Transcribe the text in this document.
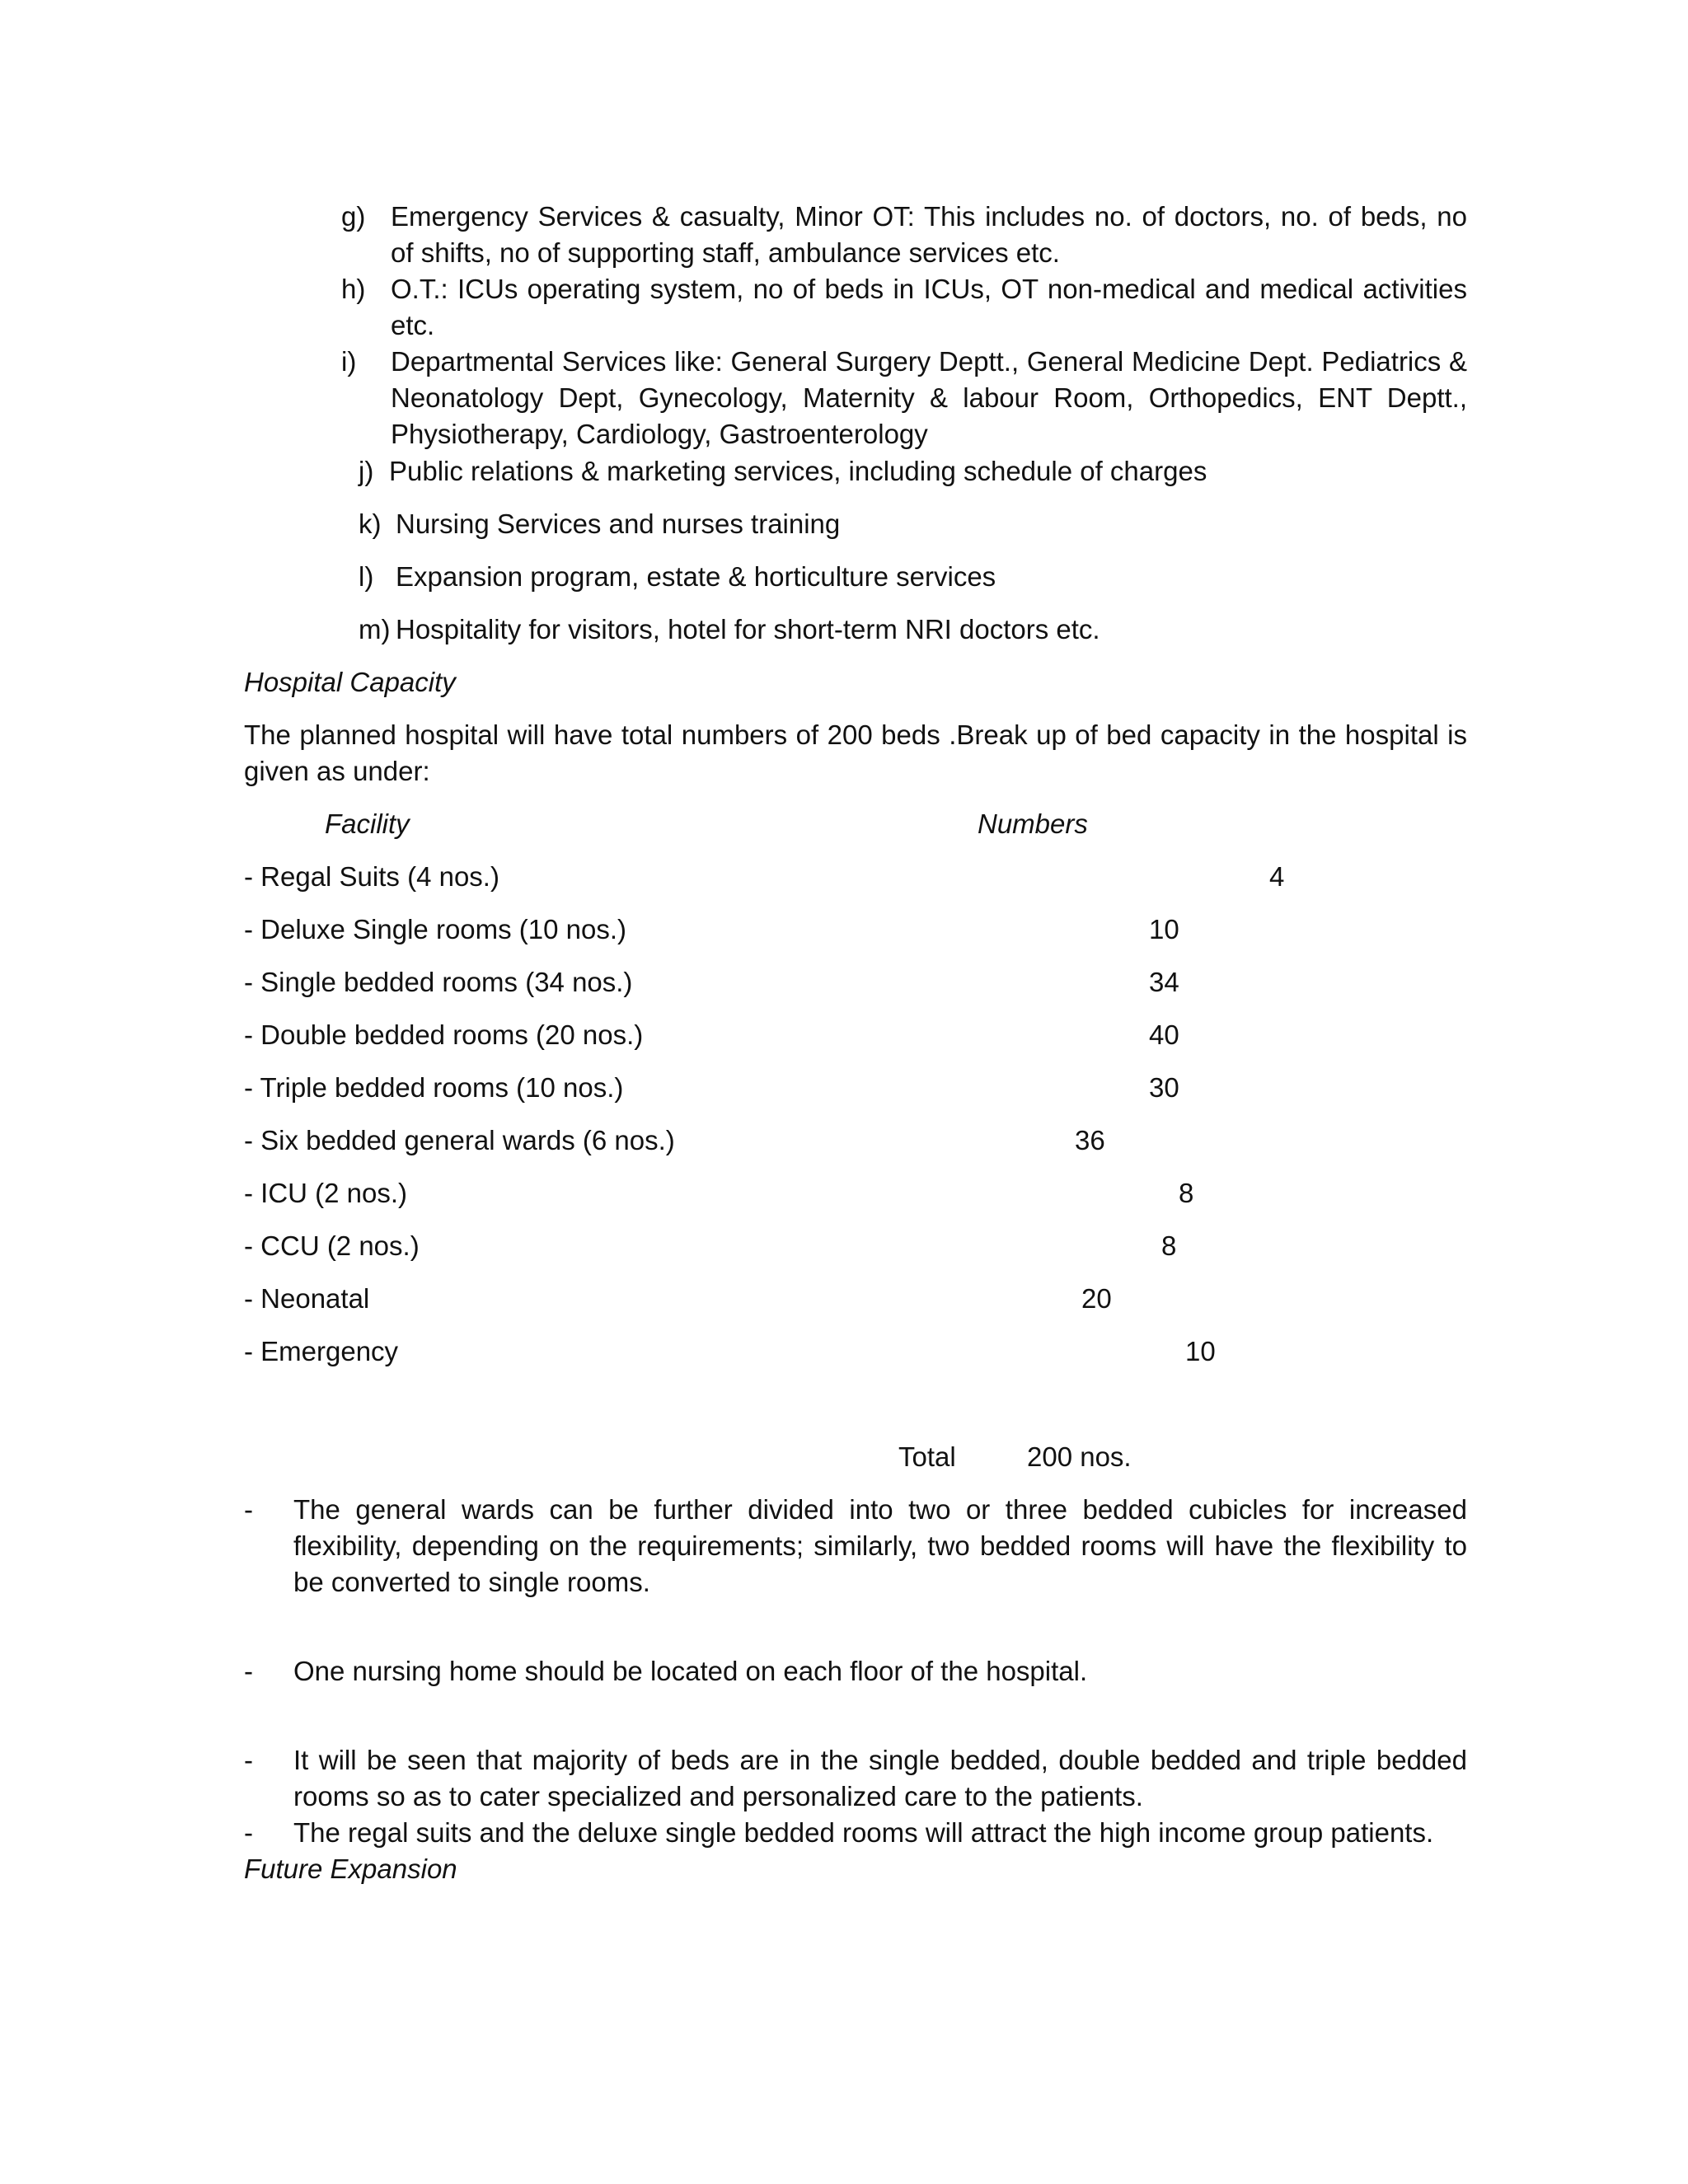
g) Emergency Services & casualty, Minor OT: This includes no. of doctors, no. of beds, no of shifts, no of supporting staff, ambulance services etc.
h) O.T.: ICUs operating system, no of beds in ICUs, OT non-medical and medical activities etc.
i) Departmental Services like: General Surgery Deptt., General Medicine Dept. Pediatrics & Neonatology Dept, Gynecology, Maternity & labour Room, Orthopedics, ENT Deptt., Physiotherapy, Cardiology, Gastroenterology
j) Public relations & marketing services, including schedule of charges
k) Nursing Services and nurses training
l) Expansion program, estate & horticulture services
m) Hospitality for visitors, hotel for short-term NRI doctors etc.
Hospital Capacity
The planned hospital will have total numbers of 200 beds .Break up of bed capacity in the hospital is given as under:
Facility	Numbers
- Regal Suits (4 nos.)	4
- Deluxe Single rooms (10 nos.)	10
- Single bedded rooms (34 nos.)	34
- Double bedded rooms (20 nos.)	40
- Triple bedded rooms (10 nos.)	30
- Six bedded general wards (6 nos.)	36
- ICU (2 nos.)	8
- CCU (2 nos.)	8
- Neonatal	20
- Emergency	10
Total	200 nos.
- The general wards can be further divided into two or three bedded cubicles for increased flexibility, depending on the requirements; similarly, two bedded rooms will have the flexibility to be converted to single rooms.
- One nursing home should be located on each floor of the hospital.
- It will be seen that majority of beds are in the single bedded, double bedded and triple bedded rooms so as to cater specialized and personalized care to the patients.
- The regal suits and the deluxe single bedded rooms will attract the high income group patients.
Future Expansion
